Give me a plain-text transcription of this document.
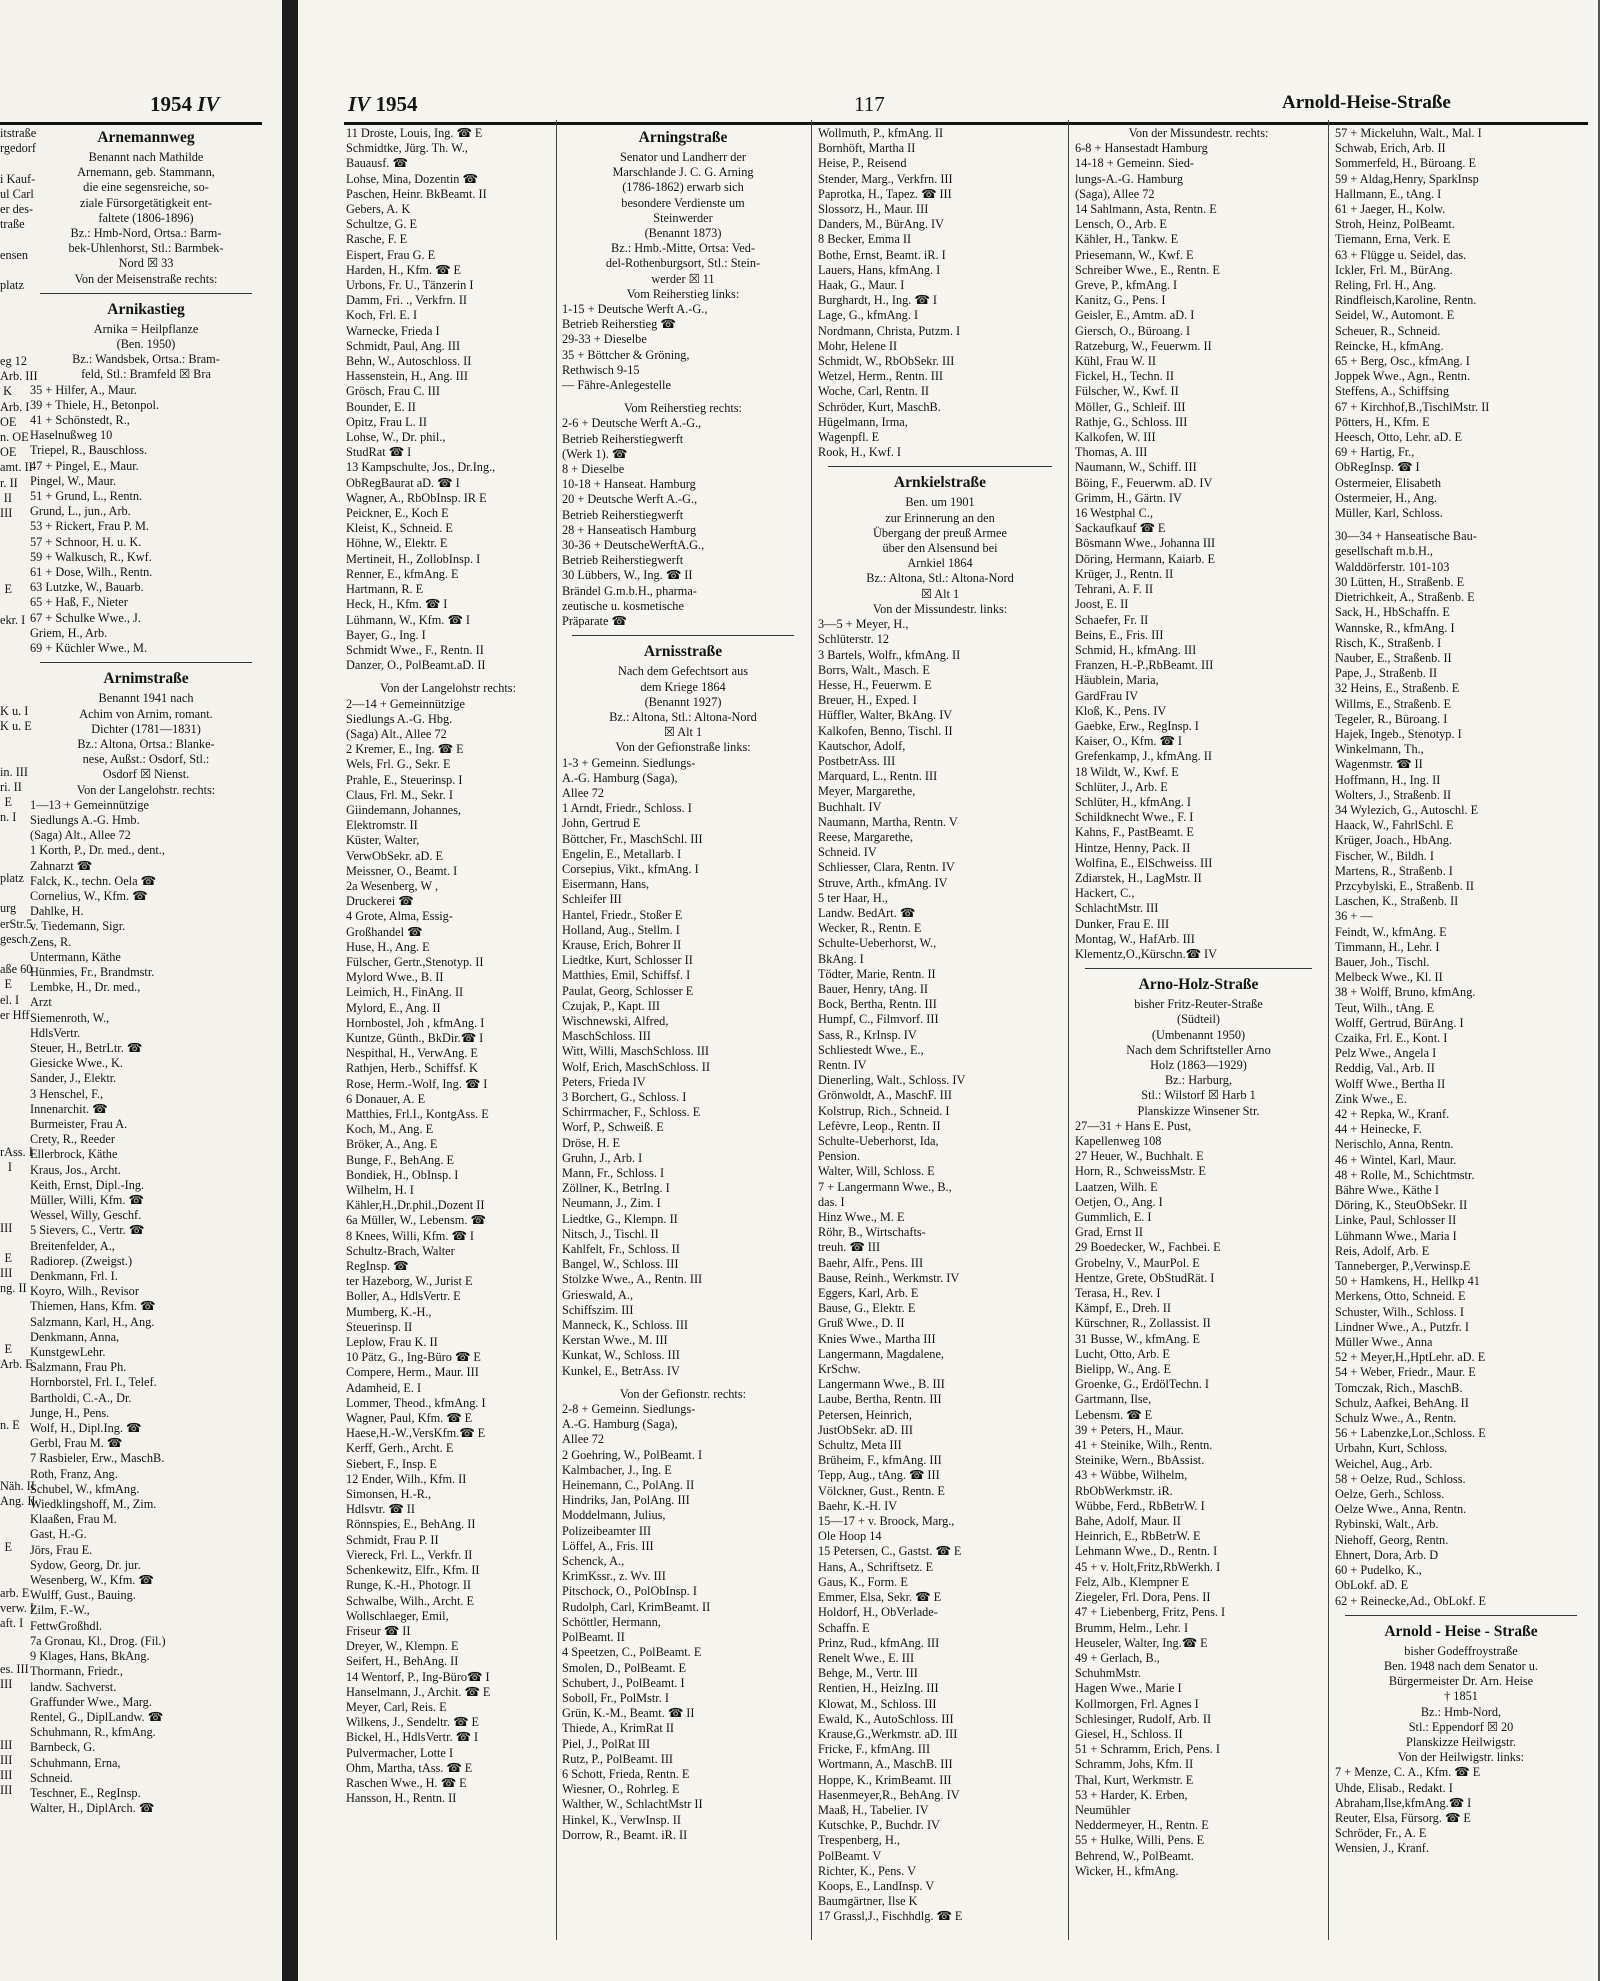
1954 IV
itstraße
rgedorf

i Kauf-
ul Carl
er des-
traße

ensen

platz

eg 12
Arb. III
K
Arb. I
OE
n. OE
OE
amt. II
r. II
II
III

E

ekr. I

K u. I
K u. E

in. III
ri. II
E
n. I

platz

urg
erStr.5
gesch.

aße 60
E
el. I
er Hff

rAss. I
I

III

E
III
ng. II

E
Arb. E

n. E

Näh. II
Ang. II

E

arb. E
verw. I
aft. I

es. III
III

III
III
III
III
Arnemannweg
Benannt nach Mathilde
Arnemann, geb. Stammann,
die eine segensreiche, so-
ziale Fürsorgetätigkeit ent-
faltete (1806-1896)
Bz.: Hmb-Nord, Ortsa.: Barm-
bek-Uhlenhorst, Stl.: Barmbek-
Nord ☒ 33
Von der Meisenstraße rechts:
Arnikastieg
Arnika = Heilpflanze
(Ben. 1950)
Bz.: Wandsbek, Ortsa.: Bram-
feld, Stl.: Bramfeld ☒ Bra
35 + Hilfer, A., Maur.
39 + Thiele, H., Betonpol.
41 + Schönstedt, R.,
Haselnußweg 10
Triepel, R., Bauschloss.
47 + Pingel, E., Maur.
Pingel, W., Maur.
51 + Grund, L., Rentn.
Grund, L., jun., Arb.
53 + Rickert, Frau P. M.
57 + Schnoor, H. u. K.
59 + Walkusch, R., Kwf.
61 + Dose, Wilh., Rentn.
63 Lutzke, W., Bauarb.
65 + Haß, F., Nieter
67 + Schulke Wwe., J.
Griem, H., Arb.
69 + Küchler Wwe., M.
Arnimstraße
Benannt 1941 nach
Achim von Arnim, romant.
Dichter (1781—1831)
Bz.: Altona, Ortsa.: Blanke-
nese, Außst.: Osdorf, Stl.:
Osdorf ☒ Nienst.
Von der Langelohstr. rechts:
1—13 + Gemeinnützige
Siedlungs A.-G. Hmb.
(Saga) Alt., Allee 72
1 Korth, P., Dr. med., dent.,
Zahnarzt ☎
Falck, K., techn. Oela ☎
Cornelius, W., Kfm. ☎
Dahlke, H.
v. Tiedemann, Sigr.
Zens, R.
Untermann, Käthe
Hünmies, Fr., Brandmstr.
Lembke, H., Dr. med.,
Arzt
Siemenroth, W.,
HdlsVertr.
Steuer, H., BetrLtr. ☎
Giesicke Wwe., K.
Sander, J., Elektr.
3 Henschel, F.,
Innenarchit. ☎
Burmeister, Frau A.
Crety, R., Reeder
Ellerbrock, Käthe
Kraus, Jos., Archt.
Keith, Ernst, Dipl.-Ing.
Müller, Willi, Kfm. ☎
Wessel, Willy, Geschf.
5 Sievers, C., Vertr. ☎
Breitenfelder, A.,
Radiorep. (Zweigst.)
Denkmann, Frl. I.
Koyro, Wilh., Revisor
Thiemen, Hans, Kfm. ☎
Salzmann, Karl, H., Ang.
Denkmann, Anna,
KunstgewLehr.
Salzmann, Frau Ph.
Hornborstel, Frl. I., Telef.
Bartholdi, C.-A., Dr.
Junge, H., Pens.
Wolf, H., Dipl.Ing. ☎
Gerbl, Frau M. ☎
7 Rasbieler, Erw., MaschB.
Roth, Franz, Ang.
Schubel, W., kfmAng.
Wiedklingshoff, M., Zim.
Klaaßen, Frau M.
Gast, H.-G.
Jörs, Frau E.
Sydow, Georg, Dr. jur.
Wesenberg, W., Kfm. ☎
Wulff, Gust., Bauing.
Zilm, F.-W.,
FettwGroßhdl.
7a Gronau, Kl., Drog. (Fil.)
9 Klages, Hans, BkAng.
Thormann, Friedr.,
landw. Sachverst.
Graffunder Wwe., Marg.
Rentel, G., DiplLandw. ☎
Schuhmann, R., kfmAng.
Barnbeck, G.
Schuhmann, Erna,
Schneid.
Teschner, E., RegInsp.
Walter, H., DiplArch. ☎
IV 1954	117	Arnold-Heise-Straße
11 Droste, Louis, Ing. ☎ E
Schmidtke, Jürg. Th. W.,
Bauausf. ☎
Lohse, Mina, Dozentin ☎
Paschen, Heinr. BkBeamt. II
Gebers, A. K
Schultze, G. E
Rasche, F. E
Eispert, Frau G. E
Harden, H., Kfm. ☎ E
Urbons, Fr. U., Tänzerin I
Damm, Fri. ., Verkfrn. II
Koch, Frl. E. I
Warnecke, Frieda I
Schmidt, Paul, Ang. III
Behn, W., Autoschloss. II
Hassenstein, H., Ang. III
Grösch, Frau C. III
Bounder, E. II
Opitz, Frau L. II
Lohse, W., Dr. phil.,
StudRat ☎ I
13 Kampschulte, Jos., Dr.Ing.,
ObRegBaurat aD. ☎ I
Wagner, A., RbObInsp. IR E
Peickner, E., Koch E
Kleist, K., Schneid. E
Höhne, W., Elektr. E
Mertineit, H., ZollobInsp. I
Renner, E., kfmAng. E
Hartmann, R. E
Heck, H., Kfm. ☎ I
Lühmann, W., Kfm. ☎ I
Bayer, G., Ing. I
Schmidt Wwe., F., Rentn. II
Danzer, O., PolBeamt.aD. II
Von der Langelohstr rechts:
2—14 + Gemeinnützige
Siedlungs A.-G. Hbg.
(Saga) Alt., Allee 72
2 Kremer, E., Ing. ☎ E
Wels, Frl. G., Sekr. E
Prahle, E., Steuerinsp. I
Claus, Frl. M., Sekr. I
Giindemann, Johannes,
Elektromstr. II
Küster, Walter,
VerwObSekr. aD. E
Meissner, O., Beamt. I
2a Wesenberg, W ,
Druckerei ☎
4 Grote, Alma, Essig-
Großhandel ☎
Huse, H., Ang. E
Fülscher, Gertr.,Stenotyp. II
Mylord Wwe., B. II
Leimich, H., FinAng. II
Mylord, E., Ang. II
Hornbostel, Joh , kfmAng. I
Kuntze, Günth., BkDir.☎ I
Nespithal, H., VerwAng. E
Rathjen, Herb., Schiffsf. K
Rose, Herm.-Wolf, Ing. ☎ I
6 Donauer, A. E
Matthies, Frl.I., KontgAss. E
Koch, M., Ang. E
Bröker, A., Ang. E
Bunge, F., BehAng. E
Bondiek, H., ObInsp. I
Wilhelm, H. I
Kähler,H.,Dr.phil.,Dozent II
6a Müller, W., Lebensm. ☎
8 Knees, Willi, Kfm. ☎ I
Schultz-Brach, Walter
RegInsp. ☎
ter Hazeborg, W., Jurist E
Boller, A., HdlsVertr. E
Mumberg, K.-H.,
Steuerinsp. II
Leplow, Frau K. II
10 Pätz, G., Ing-Büro ☎ E
Compere, Herm., Maur. III
Adamheid, E. I
Lommer, Theod., kfmAng. I
Wagner, Paul, Kfm. ☎ E
Haese,H.-W.,VersKfm.☎ E
Kerff, Gerh., Archt. E
Siebert, F., Insp. E
12 Ender, Wilh., Kfm. II
Simonsen, H.-R.,
Hdlsvtr. ☎ II
Rönnspies, E., BehAng. II
Schmidt, Frau P. II
Viereck, Frl. L., Verkfr. II
Schenkewitz, Elfr., Kfm. II
Runge, K.-H., Photogr. II
Schwalbe, Wilh., Archt. E
Wollschlaeger, Emil,
Friseur ☎ II
Dreyer, W., Klempn. E
Seifert, H., BehAng. II
14 Wentorf, P., Ing-Büro☎ I
Hanselmann, J., Archit. ☎ E
Meyer, Carl, Reis. E
Wilkens, J., Sendeltr. ☎ E
Bickel, H., HdlsVertr. ☎ I
Pulvermacher, Lotte I
Ohm, Martha, tAss. ☎ E
Raschen Wwe., H. ☎ E
Hansson, H., Rentn. II
Arningstraße
Senator und Landherr der
Marschlande J. C. G. Arning
(1786-1862) erwarb sich
besondere Verdienste um
Steinwerder
(Benannt 1873)
Bz.: Hmb.-Mitte, Ortsa: Ved-
del-Rothenburgsort, Stl.: Stein-
werder ☒ 11
Vom Reiherstieg links:
1-15 + Deutsche Werft A.-G.,
Betrieb Reiherstieg ☎
29-33 + Dieselbe
35 + Böttcher & Gröning,
Rethwisch 9-15
— Fähre-Anlegestelle
Vom Reiherstieg rechts:
2-6 + Deutsche Werft A.-G.,
Betrieb Reiherstiegwerft
(Werk 1). ☎
8 + Dieselbe
10-18 + Hanseat. Hamburg
20 + Deutsche Werft A.-G.,
Betrieb Reiherstiegwerft
28 + Hanseatisch Hamburg
30-36 + DeutscheWerftA.G.,
Betrieb Reiherstiegwerft
30 Lübbers, W., Ing. ☎ II
Brändel G.m.b.H., pharma-
zeutische u. kosmetische
Präparate ☎
Arnisstraße
Nach dem Gefechtsort aus
dem Kriege 1864
(Benannt 1927)
Bz.: Altona, Stl.: Altona-Nord
☒ Alt 1
Von der Gefionstraße links:
1-3 + Gemeinn. Siedlungs-
A.-G. Hamburg (Saga),
Allee 72
1 Arndt, Friedr., Schloss. I
John, Gertrud E
Böttcher, Fr., MaschSchl. III
Engelin, E., Metallarb. I
Corsepius, Vikt., kfmAng. I
Eisermann, Hans,
Schleifer III
Hantel, Friedr., Stoßer E
Holland, Aug., Stellm. I
Krause, Erich, Bohrer II
Liedtke, Kurt, Schlosser II
Matthies, Emil, Schiffsf. I
Paulat, Georg, Schlosser E
Czujak, P., Kapt. III
Wischnewski, Alfred,
MaschSchloss. III
Witt, Willi, MaschSchloss. III
Wolf, Erich, MaschSchloss. II
Peters, Frieda IV
3 Borchert, G., Schloss. I
Schirrmacher, F., Schloss. E
Worf, P., Schweiß. E
Dröse, H. E
Gruhn, J., Arb. I
Mann, Fr., Schloss. I
Zöllner, K., BetrIng. I
Neumann, J., Zim. I
Liedtke, G., Klempn. II
Nitsch, J., Tischl. II
Kahlfelt, Fr., Schloss. II
Bangel, W., Schloss. III
Stolzke Wwe., A., Rentn. III
Grieswald, A.,
Schiffszim. III
Manneck, K., Schloss. III
Kerstan Wwe., M. III
Kunkat, W., Schloss. III
Kunkel, E., BetrAss. IV
Von der Gefionstr. rechts:
2-8 + Gemeinn. Siedlungs-
A.-G. Hamburg (Saga),
Allee 72
2 Goehring, W., PolBeamt. I
Kalmbacher, J., Ing. E
Heinemann, C., PolAng. II
Hindriks, Jan, PolAng. III
Moddelmann, Julius,
Polizeibeamter III
Löffel, A., Fris. III
Schenck, A.,
KrimKssr., z. Wv. III
Pitschock, O., PolObInsp. I
Rudolph, Carl, KrimBeamt. II
Schöttler, Hermann,
PolBeamt. II
4 Speetzen, C., PolBeamt. E
Smolen, D., PolBeamt. E
Schubert, J., PolBeamt. I
Soboll, Fr., PolMstr. I
Grün, K.-M., Beamt. ☎ II
Thiede, A., KrimRat II
Piel, J., PolRat III
Rutz, P., PolBeamt. III
6 Schott, Frieda, Rentn. E
Wiesner, O., Rohrleg. E
Walther, W., SchlachtMstr II
Hinkel, K., VerwInsp. II
Dorrow, R., Beamt. iR. II
Wollmuth, P., kfmAng. II
Bornhöft, Martha II
Heise, P., Reisend
Stender, Marg., Verkfrn. III
Paprotka, H., Tapez. ☎ III
Slossorz, H., Maur. III
Danders, M., BürAng. IV
8 Becker, Emma II
Bothe, Ernst, Beamt. iR. I
Lauers, Hans, kfmAng. I
Haak, G., Maur. I
Burghardt, H., Ing. ☎ I
Lage, G., kfmAng. I
Nordmann, Christa, Putzm. I
Mohr, Helene II
Schmidt, W., RbObSekr. III
Wetzel, Herm., Rentn. III
Woche, Carl, Rentn. II
Schröder, Kurt, MaschB.
Hügelmann, Irma,
Wagenpfl. E
Rook, H., Kwf. I
Arnkielstraße
Ben. um 1901
zur Erinnerung an den
Übergang der preuß Armee
über den Alsensund bei
Arnkiel 1864
Bz.: Altona, Stl.: Altona-Nord
☒ Alt 1
Von der Missundestr. links:
3—5 + Meyer, H.,
Schlüterstr. 12
3 Bartels, Wolfr., kfmAng. II
Borrs, Walt., Masch. E
Hesse, H., Feuerwm. E
Breuer, H., Exped. I
Hüffler, Walter, BkAng. IV
Kalkofen, Benno, Tischl. II
Kautschor, Adolf,
PostbetrAss. III
Marquard, L., Rentn. III
Meyer, Margarethe,
Buchhalt. IV
Naumann, Martha, Rentn. V
Reese, Margarethe,
Schneid. IV
Schliesser, Clara, Rentn. IV
Struve, Arth., kfmAng. IV
5 ter Haar, H.,
Landw. BedArt. ☎
Wecker, R., Rentn. E
Schulte-Ueberhorst, W.,
BkAng. I
Tödter, Marie, Rentn. II
Bauer, Henry, tAng. II
Bock, Bertha, Rentn. III
Humpf, C., Filmvorf. III
Sass, R., KrInsp. IV
Schliestedt Wwe., E.,
Rentn. IV
Dienerling, Walt., Schloss. IV
Grönwoldt, A., MaschF. III
Kolstrup, Rich., Schneid. I
Lefèvre, Leop., Rentn. II
Schulte-Ueberhorst, Ida,
Pension.
Walter, Will, Schloss. E
7 + Langermann Wwe., B.,
das. I
Hinz Wwe., M. E
Röhr, B., Wirtschafts-
treuh. ☎ III
Baehr, Alfr., Pens. III
Bause, Reinh., Werkmstr. IV
Eggers, Karl, Arb. E
Bause, G., Elektr. E
Gruß Wwe., D. II
Knies Wwe., Martha III
Langermann, Magdalene,
KrSchw.
Langermann Wwe., B. III
Laube, Bertha, Rentn. III
Petersen, Heinrich,
JustObSekr. aD. III
Schultz, Meta III
Brüheim, F., kfmAng. III
Tepp, Aug., tAng. ☎ III
Völckner, Gust., Rentn. E
Baehr, K.-H. IV
15—17 + v. Broock, Marg.,
Ole Hoop 14
15 Petersen, C., Gastst. ☎ E
Hans, A., Schriftsetz. E
Gaus, K., Form. E
Emmer, Elsa, Sekr. ☎ E
Holdorf, H., ObVerlade-
Schaffn. E
Prinz, Rud., kfmAng. III
Renelt Wwe., E. III
Behge, M., Vertr. III
Rentien, H., HeizIng. III
Klowat, M., Schloss. III
Ewald, K., AutoSchloss. III
Krause,G.,Werkmstr. aD. III
Fricke, F., kfmAng. III
Wortmann, A., MaschB. III
Hoppe, K., KrimBeamt. III
Hasenmeyer,R., BehAng. IV
Maaß, H., Tabelier. IV
Kutschke, P., Buchdr. IV
Trespenberg, H.,
PolBeamt. V
Richter, K., Pens. V
Koops, E., LandInsp. V
Baumgärtner, Ilse K
17 Grassl,J., Fischhdlg. ☎ E
Von der Missundestr. rechts:
6-8 + Hansestadt Hamburg
14-18 + Gemeinn. Sied-
lungs-A.-G. Hamburg
(Saga), Allee 72
14 Sahlmann, Asta, Rentn. E
Lensch, O., Arb. E
Kähler, H., Tankw. E
Priesemann, W., Kwf. E
Schreiber Wwe., E., Rentn. E
Greve, P., kfmAng. I
Kanitz, G., Pens. I
Geisler, E., Amtm. aD. I
Giersch, O., Büroang. I
Ratzeburg, W., Feuerwm. II
Kühl, Frau W. II
Fickel, H., Techn. II
Fülscher, W., Kwf. II
Möller, G., Schleif. III
Rathje, G., Schloss. III
Kalkofen, W. III
Thomas, A. III
Naumann, W., Schiff. III
Böing, F., Feuerwm. aD. IV
Grimm, H., Gärtn. IV
16 Westphal C.,
Sackaufkauf ☎ E
Bösmann Wwe., Johanna III
Döring, Hermann, Kaiarb. E
Krüger, J., Rentn. II
Tehrani, A. F. II
Joost, E. II
Schaefer, Fr. II
Beins, E., Fris. III
Schmid, H., kfmAng. III
Franzen, H.-P.,RbBeamt. III
Häublein, Maria,
GardFrau IV
Kloß, K., Pens. IV
Gaebke, Erw., RegInsp. I
Kaiser, O., Kfm. ☎ I
Grefenkamp, J., kfmAng. II
18 Wildt, W., Kwf. E
Schlüter, J., Arb. E
Schlüter, H., kfmAng. I
Schildknecht Wwe., F. I
Kahns, F., PastBeamt. E
Hintze, Henny, Pack. II
Wolfina, E., ElSchweiss. III
Zdiarstek, H., LagMstr. II
Hackert, C.,
SchlachtMstr. III
Dunker, Frau E. III
Montag, W., HafArb. III
Klementz,O.,Kürschn.☎ IV
Arno-Holz-Straße
bisher Fritz-Reuter-Straße
(Südteil)
(Umbenannt 1950)
Nach dem Schriftsteller Arno
Holz (1863—1929)
Bz.: Harburg,
Stl.: Wilstorf ☒ Harb 1
Planskizze Winsener Str.
27—31 + Hans E. Pust,
Kapellenweg 108
27 Heuer, W., Buchhalt. E
Horn, R., SchweissMstr. E
Laatzen, Wilh. E
Oetjen, O., Ang. I
Gummlich, E. I
Grad, Ernst II
29 Boedecker, W., Fachbei. E
Grobelny, V., MaurPol. E
Hentze, Grete, ObStudRät. I
Terasa, H., Rev. I
Kämpf, E., Dreh. II
Kürschner, R., Zollassist. II
31 Busse, W., kfmAng. E
Lucht, Otto, Arb. E
Bielipp, W., Ang. E
Groenke, G., ErdölTechn. I
Gartmann, Ilse,
Lebensm. ☎ E
39 + Peters, H., Maur.
41 + Steinike, Wilh., Rentn.
Steinike, Wern., BbAssist.
43 + Wübbe, Wilhelm,
RbObWerkmstr. iR.
Wübbe, Ferd., RbBetrW. I
Bahe, Adolf, Maur. II
Heinrich, E., RbBetrW. E
Lehmann Wwe., D., Rentn. I
45 + v. Holt,Fritz,RbWerkh. I
Felz, Alb., Klempner E
Ziegeler, Frl. Dora, Pens. II
47 + Liebenberg, Fritz, Pens. I
Brumm, Helm., Lehr. I
Heuseler, Walter, Ing.☎ E
49 + Gerlach, B.,
SchuhmMstr.
Hagen Wwe., Marie I
Kollmorgen, Frl. Agnes I
Schlesinger, Rudolf, Arb. II
Giesel, H., Schloss. II
51 + Schramm, Erich, Pens. I
Schramm, Johs, Kfm. II
Thal, Kurt, Werkmstr. E
53 + Harder, K. Erben,
Neumühler
Neddermeyer, H., Rentn. E
55 + Hulke, Willi, Pens. E
Behrend, W., PolBeamt.
Wicker, H., kfmAng.
57 + Mickeluhn, Walt., Mal. I
Schwab, Erich, Arb. II
Sommerfeld, H., Büroang. E
59 + Aldag,Henry, SparkInsp
Hallmann, E., tAng. I
61 + Jaeger, H., Kolw.
Stroh, Heinz, PolBeamt.
Tiemann, Erna, Verk. E
63 + Flügge u. Seidel, das.
Ickler, Frl. M., BürAng.
Reling, Frl. H., Ang.
Rindfleisch,Karoline, Rentn.
Seidel, W., Automont. E
Scheuer, R., Schneid.
Reincke, H., kfmAng.
65 + Berg, Osc., kfmAng. I
Joppek Wwe., Agn., Rentn.
Steffens, A., Schiffsing
67 + Kirchhof,B.,TischlMstr. II
Pötters, H., Kfm. E
Heesch, Otto, Lehr. aD. E
69 + Hartig, Fr.,
ObRegInsp. ☎ I
Ostermeier, Elisabeth
Ostermeier, H., Ang.
Müller, Karl, Schloss.
30—34 + Hanseatische Bau-
gesellschaft m.b.H.,
Walddörferstr. 101-103
30 Lütten, H., Straßenb. E
Dietrichkeit, A., Straßenb. E
Sack, H., HbSchaffn. E
Wannske, R., kfmAng. I
Risch, K., Straßenb. I
Nauber, E., Straßenb. II
Pape, J., Straßenb. II
32 Heins, E., Straßenb. E
Willms, E., Straßenb. E
Tegeler, R., Büroang. I
Hajek, Ingeb., Stenotyp. I
Winkelmann, Th.,
Wagenmstr. ☎ II
Hoffmann, H., Ing. II
Wolters, J., Straßenb. II
34 Wylezich, G., Autoschl. E
Haack, W., FahrlSchl. E
Krüger, Joach., HbAng.
Fischer, W., Bildh. I
Martens, R., Straßenb. I
Przcybylski, E., Straßenb. II
Laschen, K., Straßenb. II
36 + —
Feindt, W., kfmAng. E
Timmann, H., Lehr. I
Bauer, Joh., Tischl.
Melbeck Wwe., Kl. II
38 + Wolff, Bruno, kfmAng.
Teut, Wilh., tAng. E
Wolff, Gertrud, BürAng. I
Czaika, Frl. E., Kont. I
Pelz Wwe., Angela I
Reddig, Val., Arb. II
Wolff Wwe., Bertha II
Zink Wwe., E.
42 + Repka, W., Kranf.
44 + Heinecke, F.
Nerischlo, Anna, Rentn.
46 + Wintel, Karl, Maur.
48 + Rolle, M., Schichtmstr.
Bähre Wwe., Käthe I
Döring, K., SteuObSekr. II
Linke, Paul, Schlosser II
Lühmann Wwe., Maria I
Reis, Adolf, Arb. E
Tanneberger, P.,Verwinsp.E
50 + Hamkens, H., Hellkp 41
Merkens, Otto, Schneid. E
Schuster, Wilh., Schloss. I
Lindner Wwe., A., Putzfr. I
Müller Wwe., Anna
52 + Meyer,H.,HptLehr. aD. E
54 + Weber, Friedr., Maur. E
Tomczak, Rich., MaschB.
Schulz, Aafkei, BehAng. II
Schulz Wwe., A., Rentn.
56 + Labenzke,Lor.,Schloss. E
Urbahn, Kurt, Schloss.
Weichel, Aug., Arb.
58 + Oelze, Rud., Schloss.
Oelze, Gerh., Schloss.
Oelze Wwe., Anna, Rentn.
Rybinski, Walt., Arb.
Niehoff, Georg, Rentn.
Ehnert, Dora, Arb. D
60 + Pudelko, K.,
ObLokf. aD. E
62 + Reinecke,Ad., ObLokf. E
Arnold - Heise - Straße
bisher Godeffroystraße
Ben. 1948 nach dem Senator u.
Bürgermeister Dr. Arn. Heise
† 1851
Bz.: Hmb-Nord,
Stl.: Eppendorf ☒ 20
Planskizze Heilwigstr.
Von der Heilwigstr. links:
7 + Menze, C. A., Kfm. ☎ E
Uhde, Elisab., Redakt. I
Abraham,Ilse,kfmAng.☎ I
Reuter, Elsa, Fürsorg. ☎ E
Schröder, Fr., A. E
Wensien, J., Kranf.
